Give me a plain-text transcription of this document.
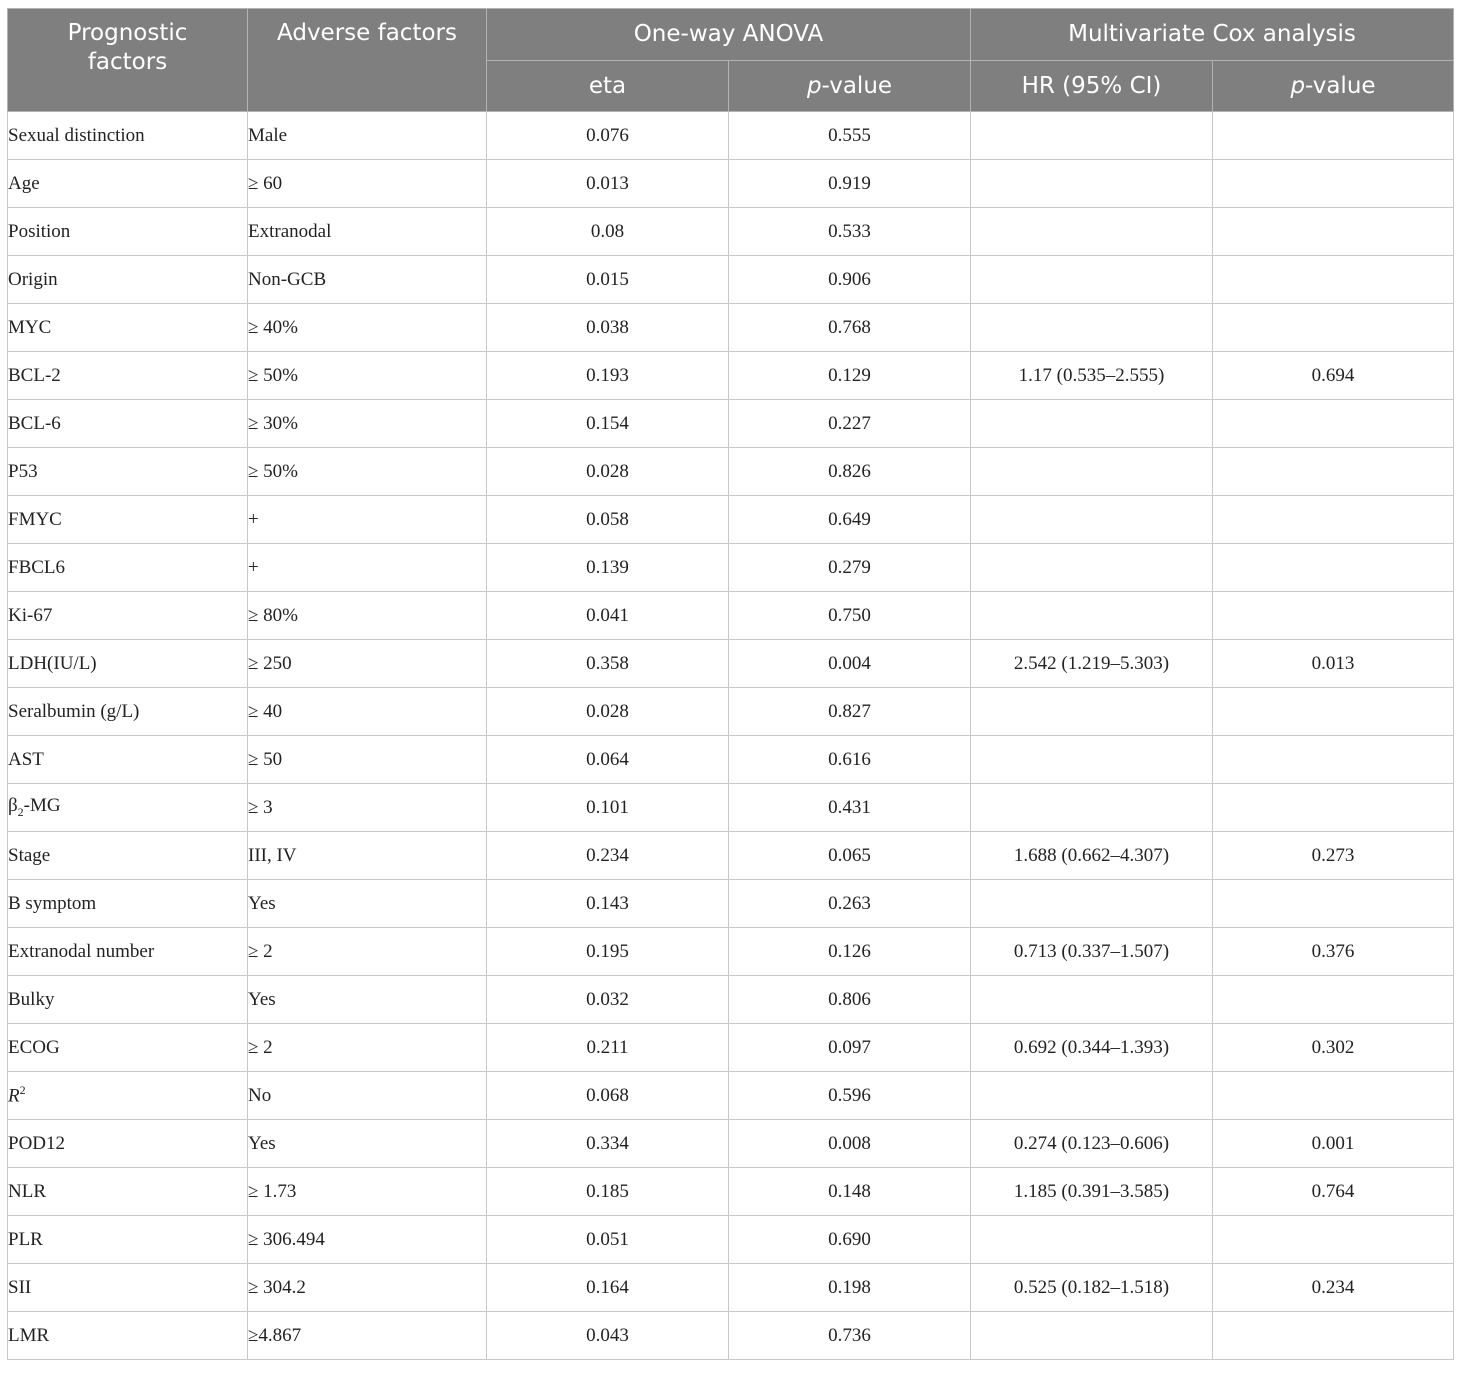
Prognostic factors	Adverse factors	One-way ANOVA		Multivariate Cox analysis	
		eta	p-value	HR (95% CI)	p-value
Sexual distinction	Male	0.076	0.555		
Age	≥ 60	0.013	0.919		
Position	Extranodal	0.08	0.533		
Origin	Non-GCB	0.015	0.906		
MYC	≥ 40%	0.038	0.768		
BCL-2	≥ 50%	0.193	0.129	1.17 (0.535–2.555)	0.694
BCL-6	≥ 30%	0.154	0.227		
P53	≥ 50%	0.028	0.826		
FMYC	+	0.058	0.649		
FBCL6	+	0.139	0.279		
Ki-67	≥ 80%	0.041	0.750		
LDH(IU/L)	≥ 250	0.358	0.004	2.542 (1.219–5.303)	0.013
Seralbumin (g/L)	≥ 40	0.028	0.827		
AST	≥ 50	0.064	0.616		
$\beta_2-MG$	≥ 3	0.101	0.431		
Stage	III, IV	0.234	0.065	1.688 (0.662–4.307)	0.273
B symptom	Yes	0.143	0.263		
Extranodal number	≥ 2	0.195	0.126	0.713 (0.337–1.507)	0.376
Bulky	Yes	0.032	0.806		
ECOG	≥ 2	0.211	0.097	0.692 (0.344–1.393)	0.302
$R^2$	No	0.068	0.596		
POD12	Yes	0.334	0.008	0.274 (0.123–0.606)	0.001
NLR	≥ 1.73	0.185	0.148	1.185 (0.391–3.585)	0.764
PLR	≥ 306.494	0.051	0.690		
SII	≥ 304.2	0.164	0.198	0.525 (0.182–1.518)	0.234
LMR	≥4.867	0.043	0.736		
